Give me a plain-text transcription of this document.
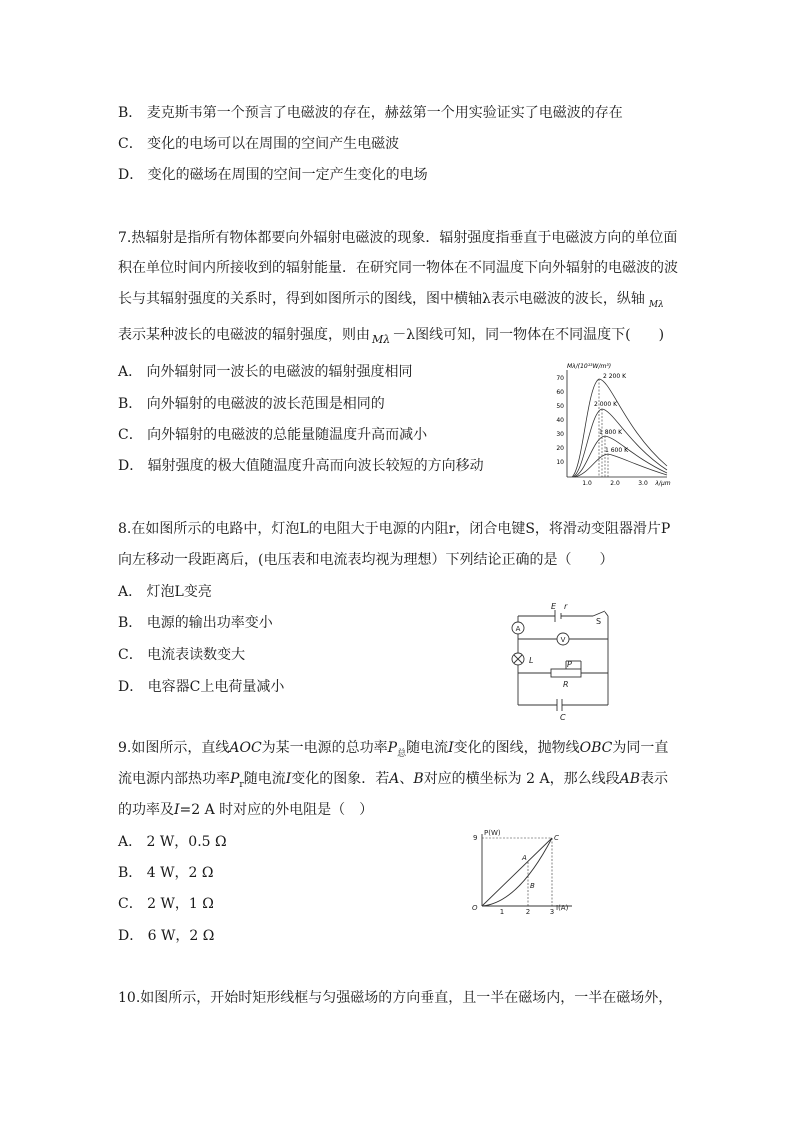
B． 麦克斯韦第一个预言了电磁波的存在，赫兹第一个用实验证实了电磁波的存在
C． 变化的电场可以在周围的空间产生电磁波
D． 变化的磁场在周围的空间一定产生变化的电场
7.热辐射是指所有物体都要向外辐射电磁波的现象．辐射强度指垂直于电磁波方向的单位面
积在单位时间内所接收到的辐射能量．在研究同一物体在不同温度下向外辐射的电磁波的波
长与其辐射强度的关系时，得到如图所示的图线，图中横轴λ表示电磁波的波长，纵轴 $_{M\lambda}$
表示某种波长的电磁波的辐射强度，则由 $_{M\lambda}$ －λ图线可知，同一物体在不同温度下(　　)
A． 向外辐射同一波长的电磁波的辐射强度相同
B． 向外辐射的电磁波的波长范围是相同的
C． 向外辐射的电磁波的总能量随温度升高而减小
D． 辐射强度的极大值随温度升高而向波长较短的方向移动
Mλ/(10¹³W/m³)
70
60
50
40
30
20
10
1.0	2.0	3.0 λ/μm
2 200 K
2 000 K
1 800 K
1 600 K
8.在如图所示的电路中，灯泡L的电阻大于电源的内阻r，闭合电键S，将滑动变阻器滑片P
向左移动一段距离后，(电压表和电流表均视为理想）下列结论正确的是（　　）
A． 灯泡L变亮
B． 电源的输出功率变小
C． 电流表读数变大
D． 电容器C上电荷量减小
A
V
E r
S
L	P
R
C
9.如图所示，直线AOC为某一电源的总功率$P_总$随电流I变化的图线，抛物线OBC为同一直
流电源内部热功率$P_r$随电流I变化的图象．若A、B对应的横坐标为 2 A，那么线段AB表示
的功率及I=2 A 时对应的外电阻是（　）
A． 2 W，0.5 Ω
B． 4 W，2 Ω
C． 2 W，1 Ω
D． 6 W，2 Ω
P(W)
9
O	1	2	3 I(A)
A
B
C
10.如图所示，开始时矩形线框与匀强磁场的方向垂直，且一半在磁场内，一半在磁场外，
